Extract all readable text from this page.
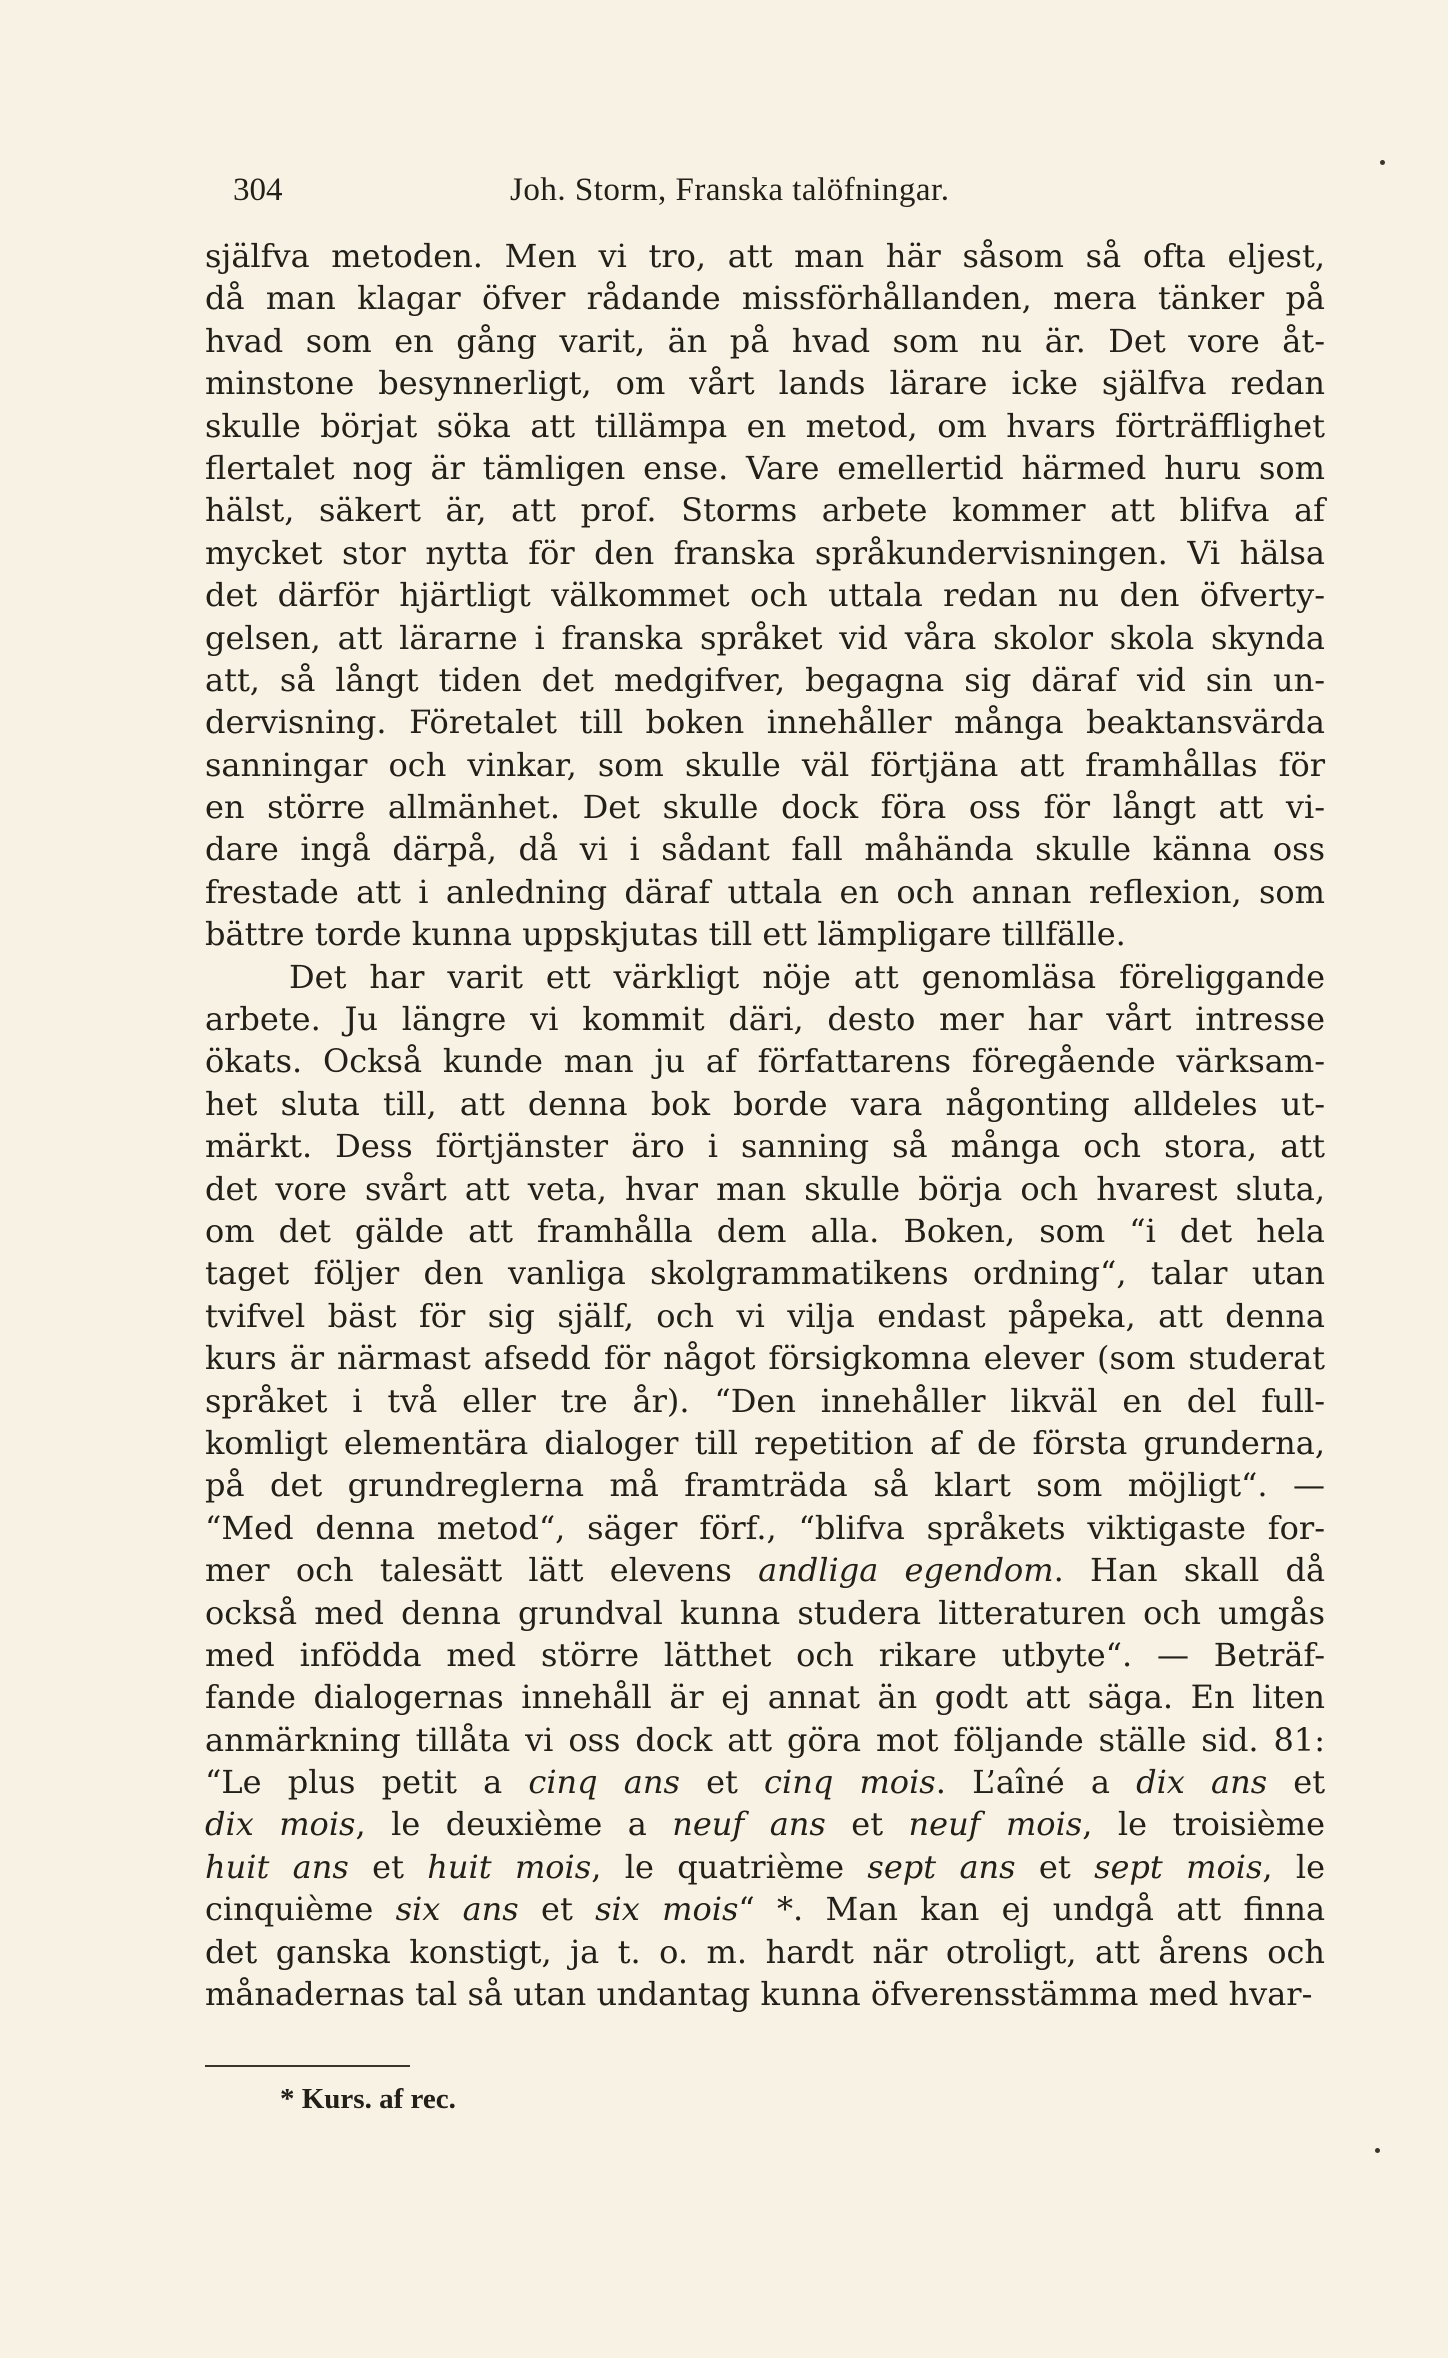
304	Joh. Storm, Franska talöfningar.
själfva metoden. Men vi tro, att man här såsom så ofta eljest,
då man klagar öfver rådande missförhållanden, mera tänker på
hvad som en gång varit, än på hvad som nu är. Det vore åt-
minstone besynnerligt, om vårt lands lärare icke själfva redan
skulle börjat söka att tillämpa en metod, om hvars förträfflighet
flertalet nog är tämligen ense. Vare emellertid härmed huru som
hälst, säkert är, att prof. Storms arbete kommer att blifva af
mycket stor nytta för den franska språkundervisningen. Vi hälsa
det därför hjärtligt välkommet och uttala redan nu den öfverty-
gelsen, att lärarne i franska språket vid våra skolor skola skynda
att, så långt tiden det medgifver, begagna sig däraf vid sin un-
dervisning. Företalet till boken innehåller många beaktansvärda
sanningar och vinkar, som skulle väl förtjäna att framhållas för
en större allmänhet. Det skulle dock föra oss för långt att vi-
dare ingå därpå, då vi i sådant fall måhända skulle känna oss
frestade att i anledning däraf uttala en och annan reflexion, som
bättre torde kunna uppskjutas till ett lämpligare tillfälle.
Det har varit ett värkligt nöje att genomläsa föreliggande
arbete. Ju längre vi kommit däri, desto mer har vårt intresse
ökats. Också kunde man ju af författarens föregående värksam-
het sluta till, att denna bok borde vara någonting alldeles ut-
märkt. Dess förtjänster äro i sanning så många och stora, att
det vore svårt att veta, hvar man skulle börja och hvarest sluta,
om det gälde att framhålla dem alla. Boken, som “i det hela
taget följer den vanliga skolgrammatikens ordning“, talar utan
tvifvel bäst för sig själf, och vi vilja endast påpeka, att denna
kurs är närmast afsedd för något försigkomna elever (som studerat
språket i två eller tre år). “Den innehåller likväl en del full-
komligt elementära dialoger till repetition af de första grunderna,
på det grundreglerna må framträda så klart som möjligt“. —
“Med denna metod“, säger förf., “blifva språkets viktigaste for-
mer och talesätt lätt elevens andliga egendom. Han skall då
också med denna grundval kunna studera litteraturen och umgås
med infödda med större lätthet och rikare utbyte“. — Beträf-
fande dialogernas innehåll är ej annat än godt att säga. En liten
anmärkning tillåta vi oss dock att göra mot följande ställe sid. 81:
“Le plus petit a cinq ans et cinq mois. L’aîné a dix ans et
dix mois, le deuxième a neuf ans et neuf mois, le troisième
huit ans et huit mois, le quatrième sept ans et sept mois, le
cinquième six ans et six mois“ *. Man kan ej undgå att finna
det ganska konstigt, ja t. o. m. hardt när otroligt, att årens och
månadernas tal så utan undantag kunna öfverensstämma med hvar-
* Kurs. af rec.
